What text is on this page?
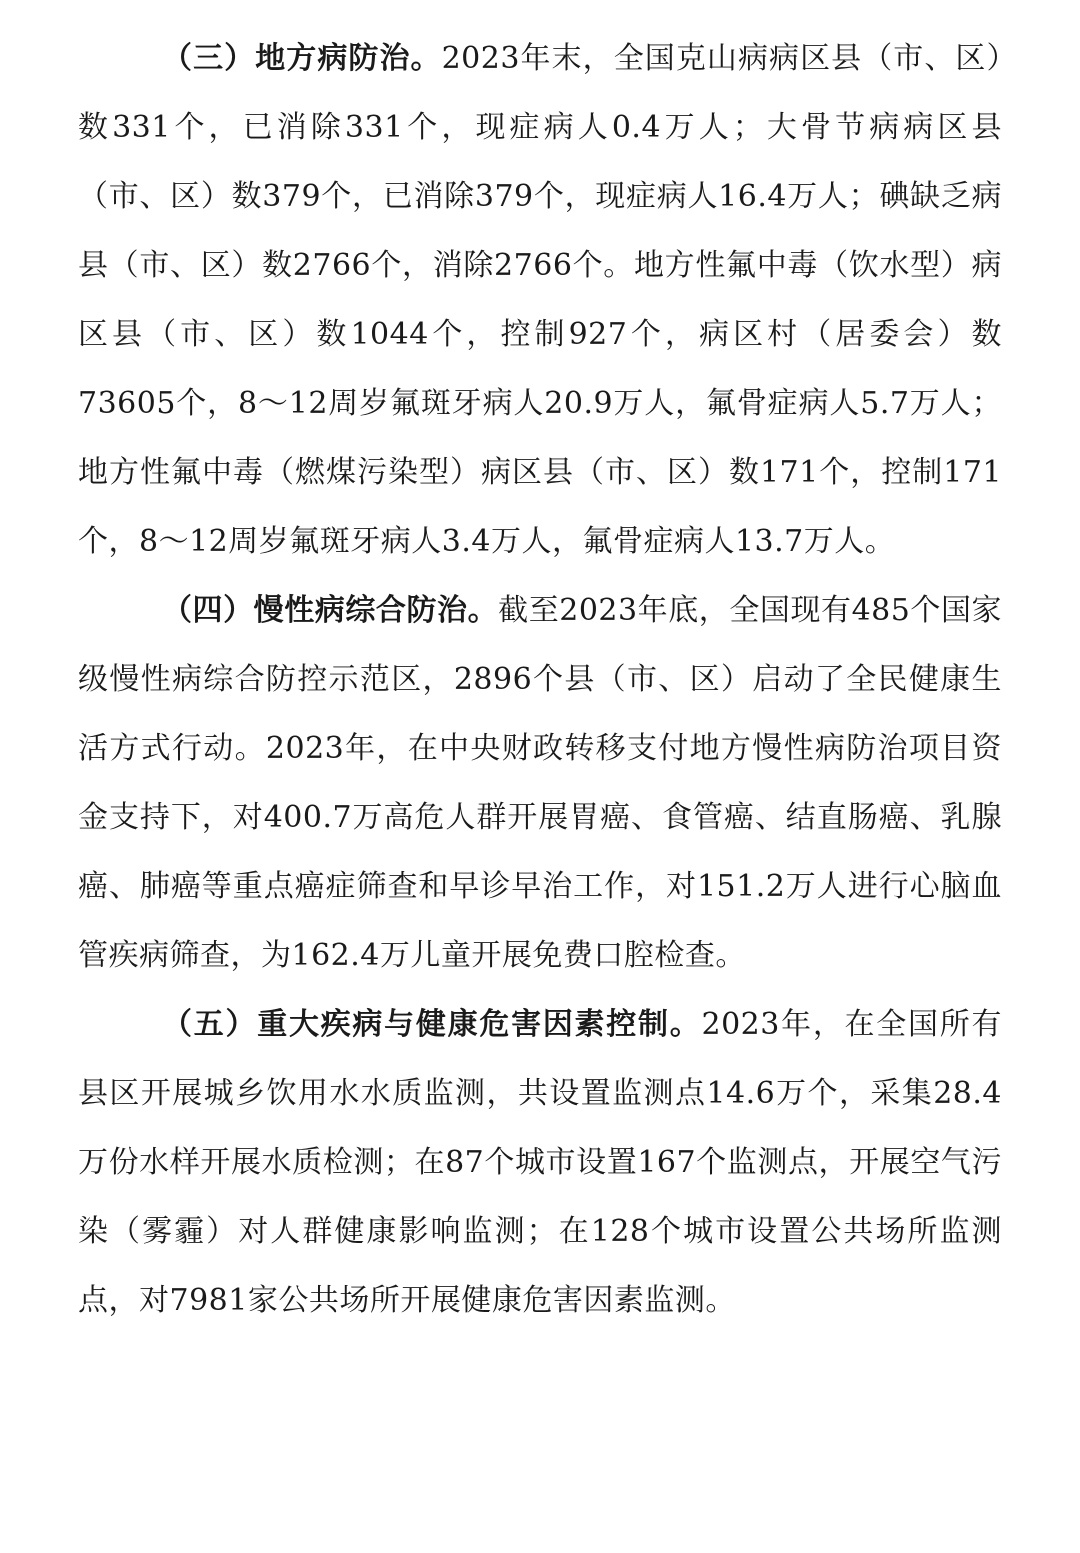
（三）地方病防治。2023年末，全国克山病病区县（市、区）数331个，已消除331个，现症病人0.4万人；大骨节病病区县（市、区）数379个，已消除379个，现症病人16.4万人；碘缺乏病县（市、区）数2766个，消除2766个。地方性氟中毒（饮水型）病区县（市、区）数1044个，控制927个，病区村（居委会）数73605个，8～12周岁氟斑牙病人20.9万人，氟骨症病人5.7万人；地方性氟中毒（燃煤污染型）病区县（市、区）数171个，控制171个，8～12周岁氟斑牙病人3.4万人，氟骨症病人13.7万人。

（四）慢性病综合防治。截至2023年底，全国现有485个国家级慢性病综合防控示范区，2896个县（市、区）启动了全民健康生活方式行动。2023年，在中央财政转移支付地方慢性病防治项目资金支持下，对400.7万高危人群开展胃癌、食管癌、结直肠癌、乳腺癌、肺癌等重点癌症筛查和早诊早治工作，对151.2万人进行心脑血管疾病筛查，为162.4万儿童开展免费口腔检查。

（五）重大疾病与健康危害因素控制。2023年，在全国所有县区开展城乡饮用水水质监测，共设置监测点14.6万个，采集28.4万份水样开展水质检测；在87个城市设置167个监测点，开展空气污染（雾霾）对人群健康影响监测；在128个城市设置公共场所监测点，对7981家公共场所开展健康危害因素监测。
